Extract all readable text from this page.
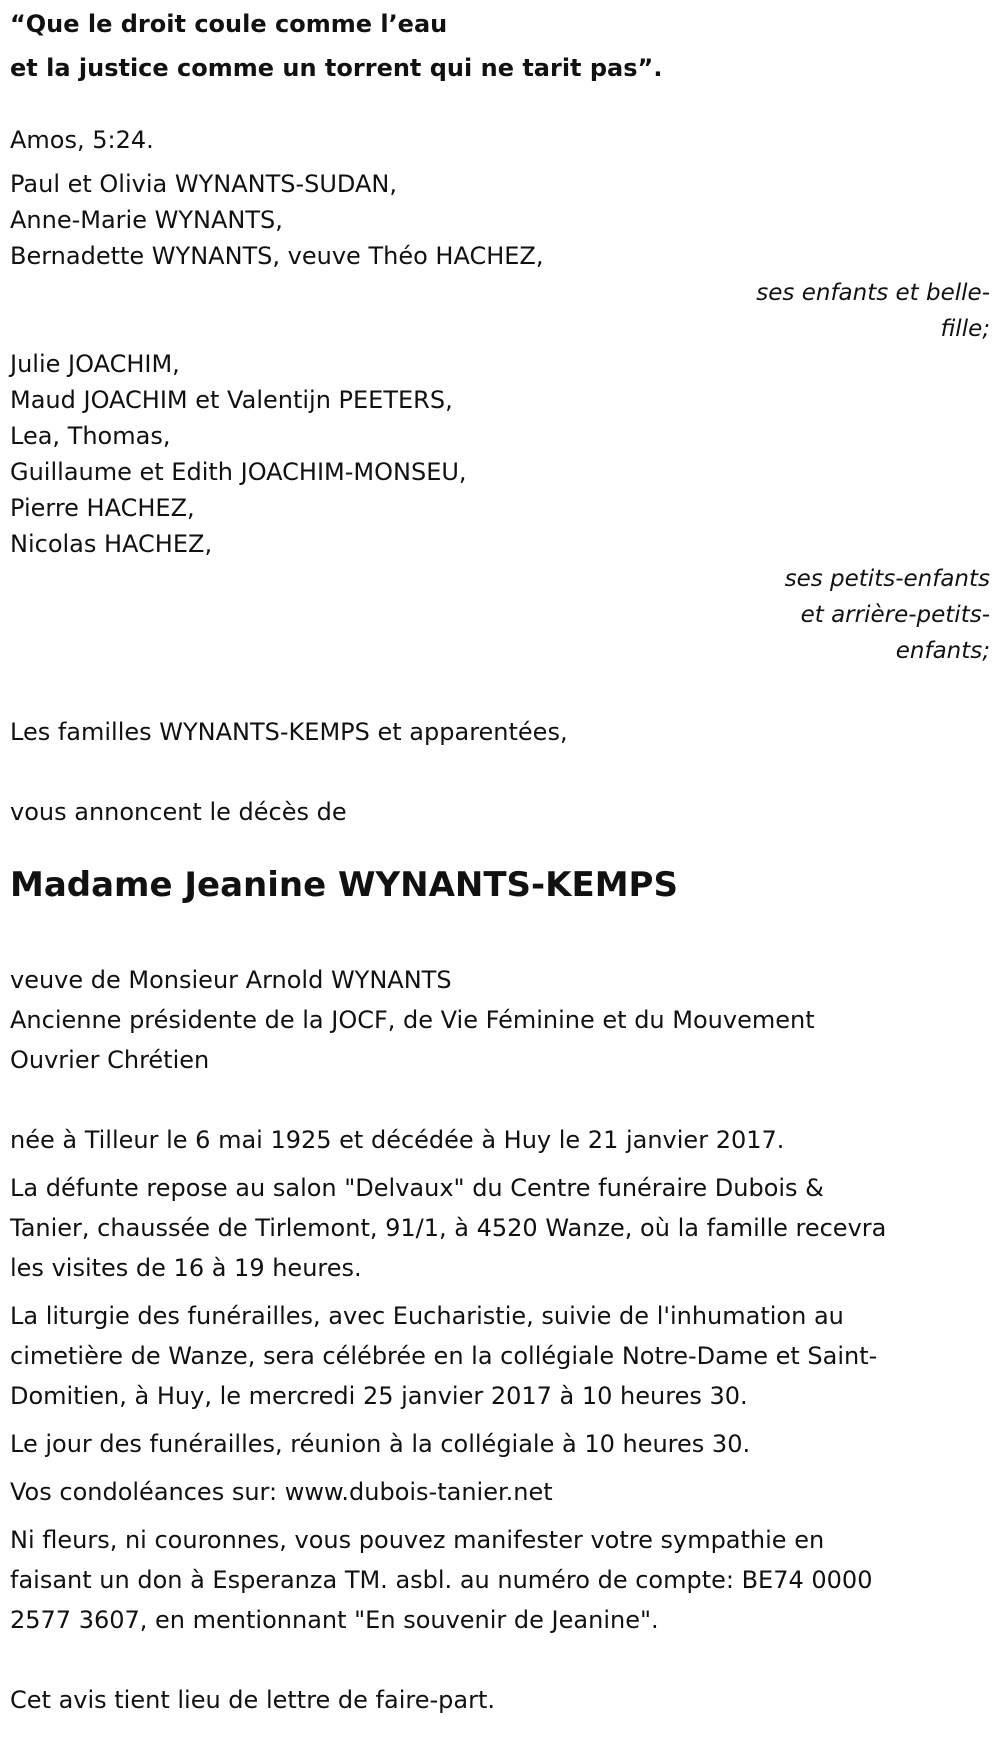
“Que le droit coule comme l’eau
et la justice comme un torrent qui ne tarit pas”.
Amos, 5:24.
Paul et Olivia WYNANTS-SUDAN,
Anne-Marie WYNANTS,
Bernadette WYNANTS, veuve Théo HACHEZ,
ses enfants et belle-
fille;
Julie JOACHIM,
Maud JOACHIM et Valentijn PEETERS,
Lea, Thomas,
Guillaume et Edith JOACHIM-MONSEU,
Pierre HACHEZ,
Nicolas HACHEZ,
ses petits-enfants
et arrière-petits-
enfants;
Les familles WYNANTS-KEMPS et apparentées,
vous annoncent le décès de
Madame Jeanine WYNANTS-KEMPS
veuve de Monsieur Arnold WYNANTS
Ancienne présidente de la JOCF, de Vie Féminine et du Mouvement
Ouvrier Chrétien
née à Tilleur le 6 mai 1925 et décédée à Huy le 21 janvier 2017.
La défunte repose au salon "Delvaux" du Centre funéraire Dubois &
Tanier, chaussée de Tirlemont, 91/1, à 4520 Wanze, où la famille recevra
les visites de 16 à 19 heures.
La liturgie des funérailles, avec Eucharistie, suivie de l'inhumation au
cimetière de Wanze, sera célébrée en la collégiale Notre-Dame et Saint-
Domitien, à Huy, le mercredi 25 janvier 2017 à 10 heures 30.
Le jour des funérailles, réunion à la collégiale à 10 heures 30.
Vos condoléances sur: www.dubois-tanier.net
Ni fleurs, ni couronnes, vous pouvez manifester votre sympathie en
faisant un don à Esperanza TM. asbl. au numéro de compte: BE74 0000
2577 3607, en mentionnant "En souvenir de Jeanine".
Cet avis tient lieu de lettre de faire-part.
